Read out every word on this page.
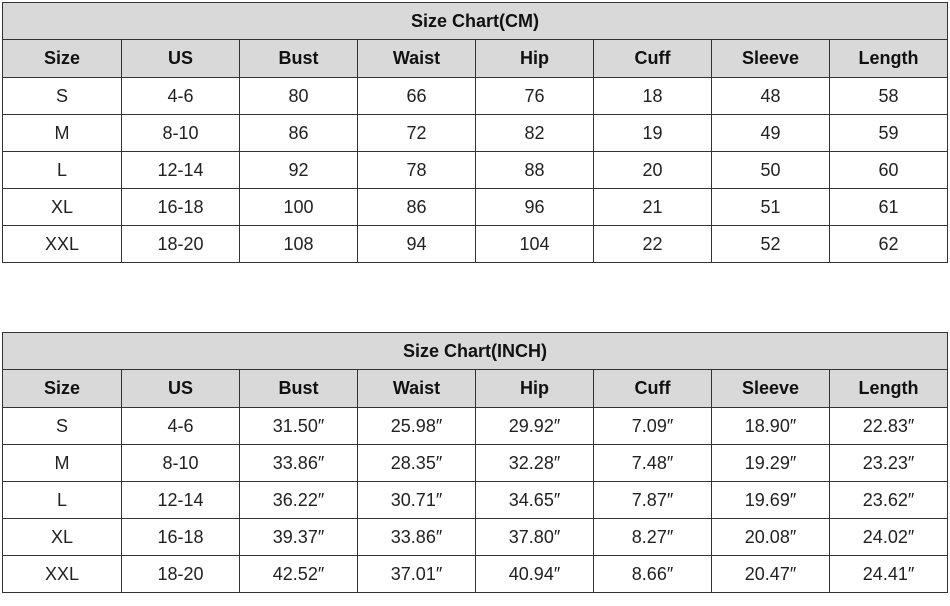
Size Chart(CM)							
Size	US	Bust	Waist	Hip	Cuff	Sleeve	Length
S	4-6	80	66	76	18	48	58
M	8-10	86	72	82	19	49	59
L	12-14	92	78	88	20	50	60
XL	16-18	100	86	96	21	51	61
XXL	18-20	108	94	104	22	52	62
Size Chart(INCH)							
Size	US	Bust	Waist	Hip	Cuff	Sleeve	Length
S	4-6	31.50″	25.98″	29.92″	7.09″	18.90″	22.83″
M	8-10	33.86″	28.35″	32.28″	7.48″	19.29″	23.23″
L	12-14	36.22″	30.71″	34.65″	7.87″	19.69″	23.62″
XL	16-18	39.37″	33.86″	37.80″	8.27″	20.08″	24.02″
XXL	18-20	42.52″	37.01″	40.94″	8.66″	20.47″	24.41″
